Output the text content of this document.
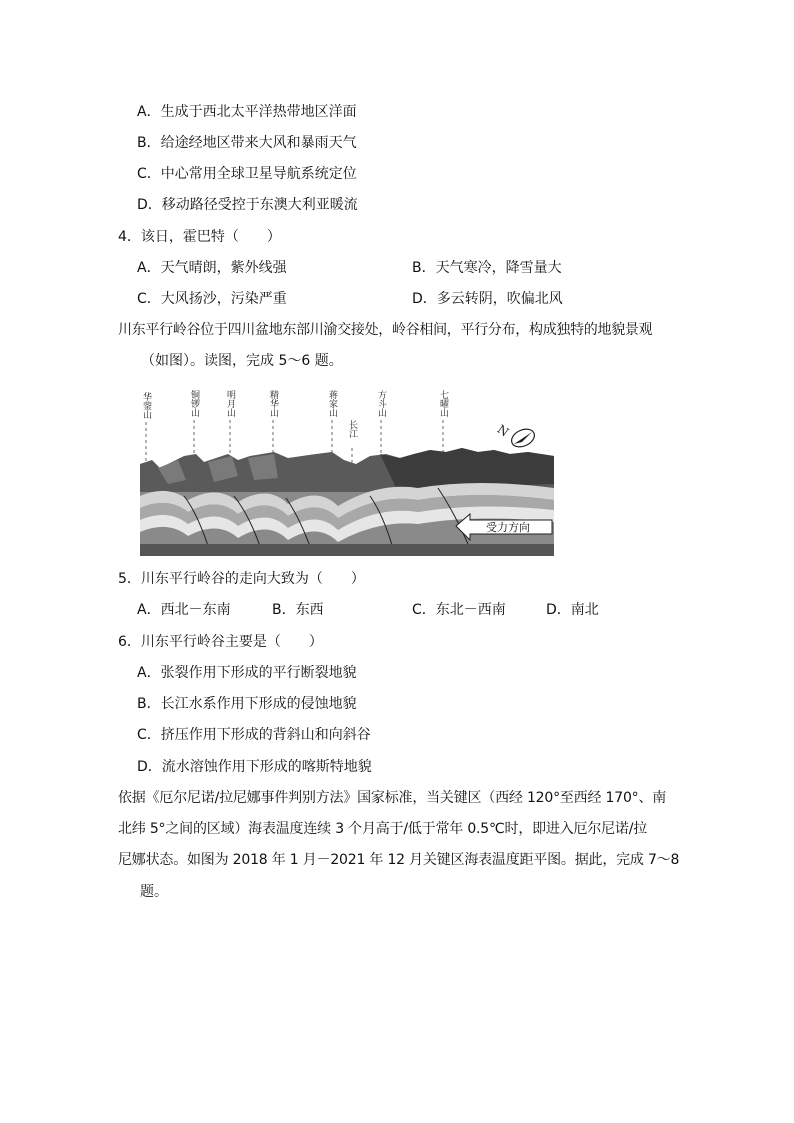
A．生成于西北太平洋热带地区洋面
B．给途经地区带来大风和暴雨天气
C．中心常用全球卫星导航系统定位
D．移动路径受控于东澳大利亚暖流
4．该日，霍巴特（　　）
A．天气晴朗，紫外线强	B．天气寒冷，降雪量大
C．大风扬沙，污染严重	D．多云转阴，吹偏北风
川东平行岭谷位于四川盆地东部川渝交接处，岭谷相间，平行分布，构成独特的地貌景观
（如图）。读图，完成 5～6 题。
华蓥山	铜锣山	明月山	精华山	蒋家山	方斗山	七曜山
长江	N
受力方向
5．川东平行岭谷的走向大致为（　　）
A．西北－东南	B．东西	C．东北－西南	D．南北
6．川东平行岭谷主要是（　　）
A．张裂作用下形成的平行断裂地貌
B．长江水系作用下形成的侵蚀地貌
C．挤压作用下形成的背斜山和向斜谷
D．流水溶蚀作用下形成的喀斯特地貌
依据《厄尔尼诺/拉尼娜事件判别方法》国家标准，当关键区（西经 120°至西经 170°、南
北纬 5°之间的区域）海表温度连续 3 个月高于/低于常年 0.5℃时，即进入厄尔尼诺/拉
尼娜状态。如图为 2018 年 1 月－2021 年 12 月关键区海表温度距平图。据此，完成 7～8
题。
